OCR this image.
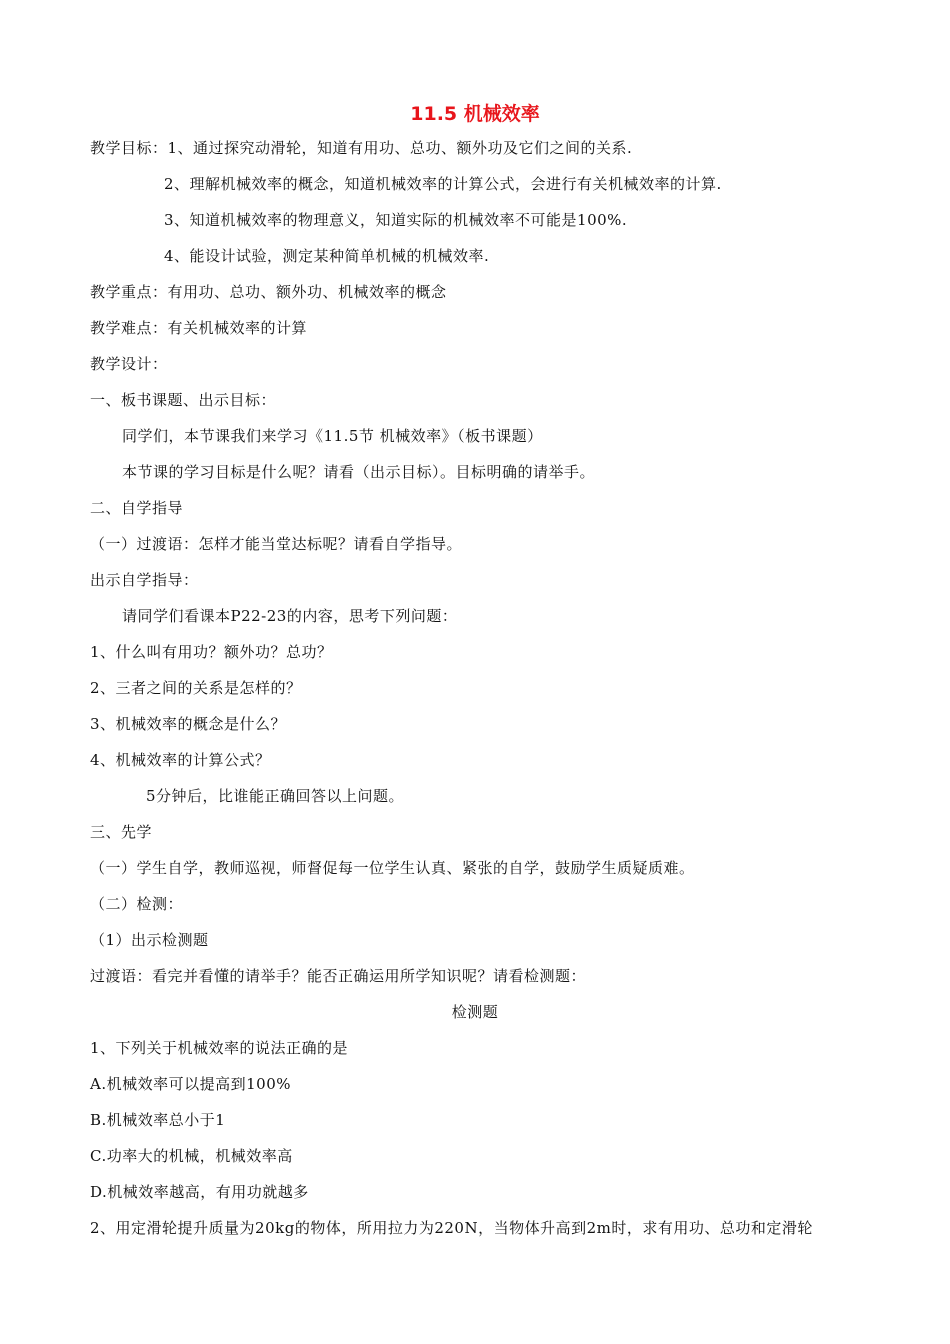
11.5 机械效率
教学目标：1、通过探究动滑轮，知道有用功、总功、额外功及它们之间的关系.
2、理解机械效率的概念，知道机械效率的计算公式，会进行有关机械效率的计算.
3、知道机械效率的物理意义，知道实际的机械效率不可能是100%.
4、能设计试验，测定某种简单机械的机械效率.
教学重点：有用功、总功、额外功、机械效率的概念
教学难点：有关机械效率的计算
教学设计：
一、板书课题、出示目标：
同学们，本节课我们来学习《11.5节 机械效率》（板书课题）
本节课的学习目标是什么呢？请看（出示目标）。目标明确的请举手。
二、自学指导
（一）过渡语：怎样才能当堂达标呢？请看自学指导。
出示自学指导：
请同学们看课本P22-23的内容，思考下列问题：
1、什么叫有用功？额外功？总功？
2、三者之间的关系是怎样的？
3、机械效率的概念是什么？
4、机械效率的计算公式？
5分钟后，比谁能正确回答以上问题。
三、先学
（一）学生自学，教师巡视，师督促每一位学生认真、紧张的自学，鼓励学生质疑质难。
（二）检测：
（1）出示检测题
过渡语：看完并看懂的请举手？能否正确运用所学知识呢？请看检测题：
检测题
1、下列关于机械效率的说法正确的是
A.机械效率可以提高到100%
B.机械效率总小于1
C.功率大的机械，机械效率高
D.机械效率越高，有用功就越多
2、用定滑轮提升质量为20kg的物体，所用拉力为220N，当物体升高到2m时，求有用功、总功和定滑轮
